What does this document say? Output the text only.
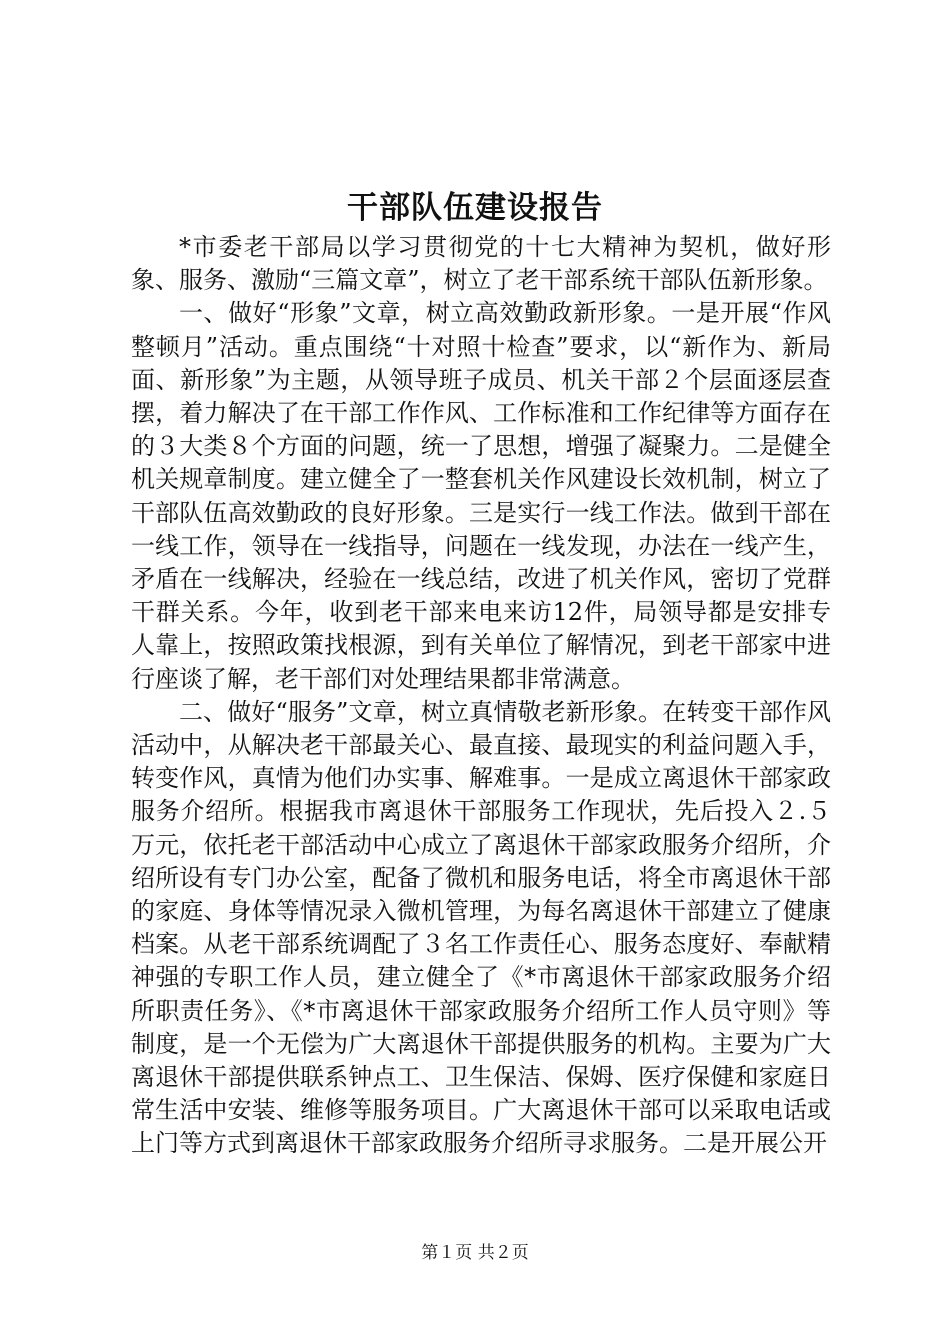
干部队伍建设报告

*市委老干部局以学习贯彻党的十七大精神为契机，做好形象、服务、激励“三篇文章”，树立了老干部系统干部队伍新形象。

一、做好“形象”文章，树立高效勤政新形象。一是开展“作风整顿月”活动。重点围绕“十对照十检查”要求，以“新作为、新局面、新形象”为主题，从领导班子成员、机关干部２个层面逐层查摆，着力解决了在干部工作作风、工作标准和工作纪律等方面存在的３大类８个方面的问题，统一了思想，增强了凝聚力。二是健全机关规章制度。建立健全了一整套机关作风建设长效机制，树立了干部队伍高效勤政的良好形象。三是实行一线工作法。做到干部在一线工作，领导在一线指导，问题在一线发现，办法在一线产生，矛盾在一线解决，经验在一线总结，改进了机关作风，密切了党群干群关系。今年，收到老干部来电来访12件，局领导都是安排专人靠上，按照政策找根源，到有关单位了解情况，到老干部家中进行座谈了解，老干部们对处理结果都非常满意。

二、做好“服务”文章，树立真情敬老新形象。在转变干部作风活动中，从解决老干部最关心、最直接、最现实的利益问题入手，转变作风，真情为他们办实事、解难事。一是成立离退休干部家政服务介绍所。根据我市离退休干部服务工作现状，先后投入２.５万元，依托老干部活动中心成立了离退休干部家政服务介绍所，介绍所设有专门办公室，配备了微机和服务电话，将全市离退休干部的家庭、身体等情况录入微机管理，为每名离退休干部建立了健康档案。从老干部系统调配了３名工作责任心、服务态度好、奉献精神强的专职工作人员，建立健全了《*市离退休干部家政服务介绍所职责任务》、《*市离退休干部家政服务介绍所工作人员守则》等制度，是一个无偿为广大离退休干部提供服务的机构。主要为广大离退休干部提供联系钟点工、卫生保洁、保姆、医疗保健和家庭日常生活中安装、维修等服务项目。广大离退休干部可以采取电话或上门等方式到离退休干部家政服务介绍所寻求服务。二是开展公开

第１页 共２页
